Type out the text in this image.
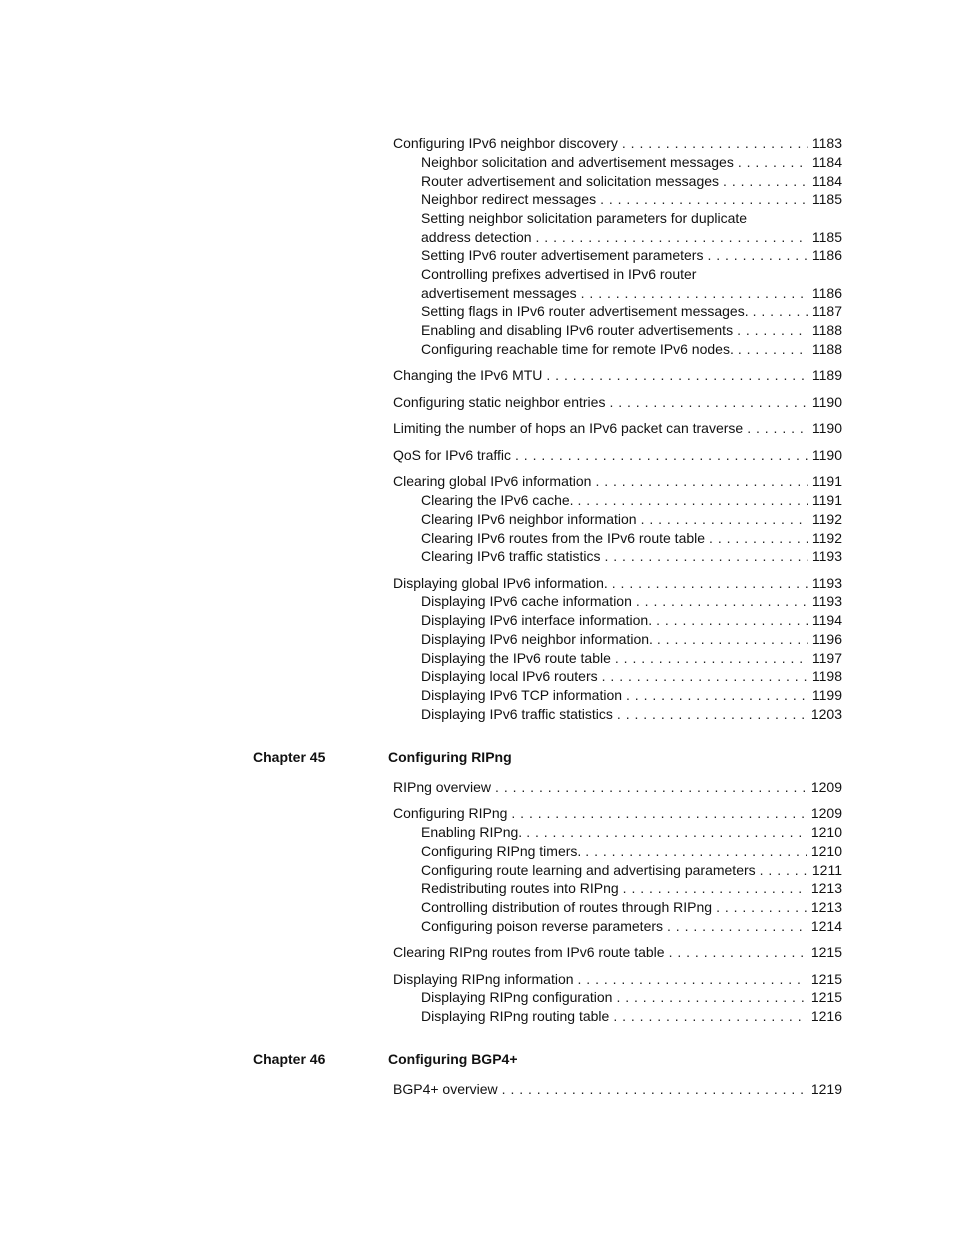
Configuring IPv6 neighbor discovery . . .	1183
Neighbor solicitation and advertisement messages . . .	1184
Router advertisement and solicitation messages . . .	1184
Neighbor redirect messages . . .	1185
Setting neighbor solicitation parameters for duplicate
address detection . . .	1185
Setting IPv6 router advertisement parameters . . .	1186
Controlling prefixes advertised in IPv6 router
advertisement messages . . .	1186
Setting flags in IPv6 router advertisement messages. . . .	1187
Enabling and disabling IPv6 router advertisements . . .	1188
Configuring reachable time for remote IPv6 nodes. . . .	1188
Changing the IPv6 MTU . . .	1189
Configuring static neighbor entries . . .	1190
Limiting the number of hops an IPv6 packet can traverse . . .	1190
QoS for IPv6 traffic . . .	1190
Clearing global IPv6 information . . .	1191
Clearing the IPv6 cache. . . .	1191
Clearing IPv6 neighbor information . . .	1192
Clearing IPv6 routes from the IPv6 route table . . .	1192
Clearing IPv6 traffic statistics . . .	1193
Displaying global IPv6 information. . . .	1193
Displaying IPv6 cache information . . .	1193
Displaying IPv6 interface information. . . .	1194
Displaying IPv6 neighbor information. . . .	1196
Displaying the IPv6 route table . . .	1197
Displaying local IPv6 routers . . .	1198
Displaying IPv6 TCP information . . .	1199
Displaying IPv6 traffic statistics . . .	1203
Chapter 45	Configuring RIPng
RIPng overview . . .	1209
Configuring RIPng . . .	1209
Enabling RIPng. . . .	1210
Configuring RIPng timers. . . .	1210
Configuring route learning and advertising parameters . . .	1211
Redistributing routes into RIPng . . .	1213
Controlling distribution of routes through RIPng . . .	1213
Configuring poison reverse parameters . . .	1214
Clearing RIPng routes from IPv6 route table . . .	1215
Displaying RIPng information . . .	1215
Displaying RIPng configuration . . .	1215
Displaying RIPng routing table . . .	1216
Chapter 46	Configuring BGP4+
BGP4+ overview . . .	1219
